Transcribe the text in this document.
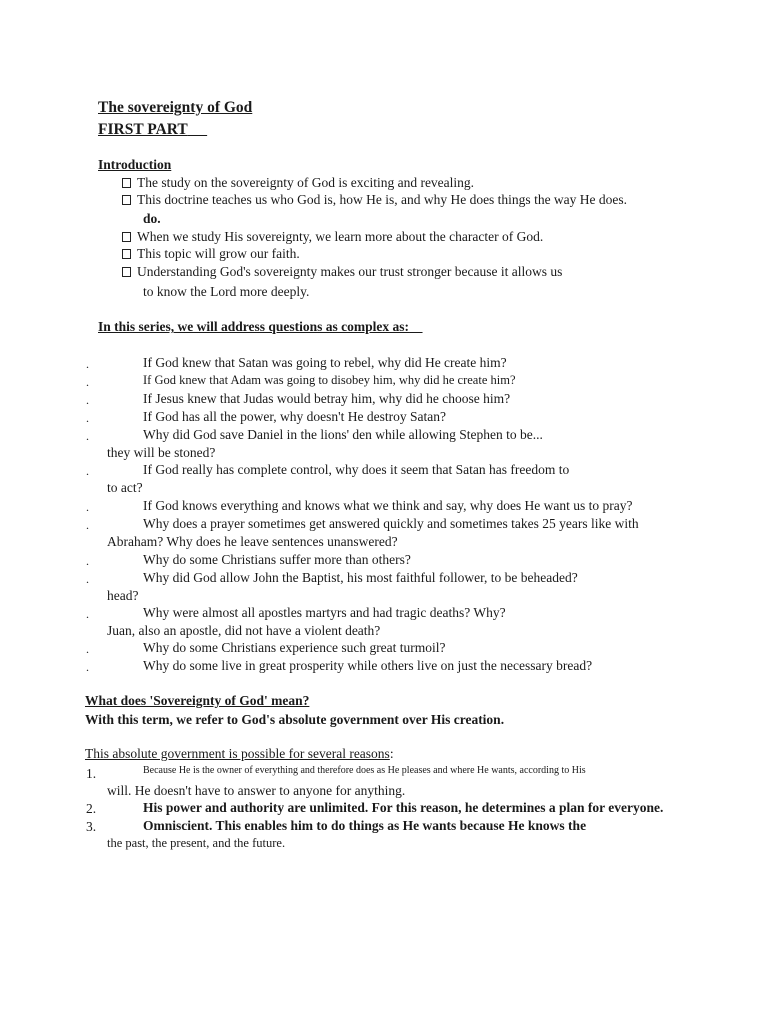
The sovereignty of God
FIRST PART
Introduction
The study on the sovereignty of God is exciting and revealing.
This doctrine teaches us who God is, how He is, and why He does things the way He does.
do.
When we study His sovereignty, we learn more about the character of God.
This topic will grow our faith.
Understanding God's sovereignty makes our trust stronger because it allows us
to know the Lord more deeply.
In this series, we will address questions as complex as:
.	If God knew that Satan was going to rebel, why did He create him?
.	If God knew that Adam was going to disobey him, why did he create him?
.	If Jesus knew that Judas would betray him, why did he choose him?
.	If God has all the power, why doesn't He destroy Satan?
.	Why did God save Daniel in the lions' den while allowing Stephen to be...
they will be stoned?
.	If God really has complete control, why does it seem that Satan has freedom to
to act?
.	If God knows everything and knows what we think and say, why does He want us to pray?
.	Why does a prayer sometimes get answered quickly and sometimes takes 25 years like with
Abraham? Why does he leave sentences unanswered?
.	Why do some Christians suffer more than others?
.	Why did God allow John the Baptist, his most faithful follower, to be beheaded?
head?
.	Why were almost all apostles martyrs and had tragic deaths? Why?
Juan, also an apostle, did not have a violent death?
.	Why do some Christians experience such great turmoil?
.	Why do some live in great prosperity while others live on just the necessary bread?
What does 'Sovereignty of God' mean?
With this term, we refer to God's absolute government over His creation.
This absolute government is possible for several reasons:
1.	Because He is the owner of everything and therefore does as He pleases and where He wants, according to His
will. He doesn't have to answer to anyone for anything.
2.	His power and authority are unlimited. For this reason, he determines a plan for everyone.
3.	Omniscient. This enables him to do things as He wants because He knows the
the past, the present, and the future.
